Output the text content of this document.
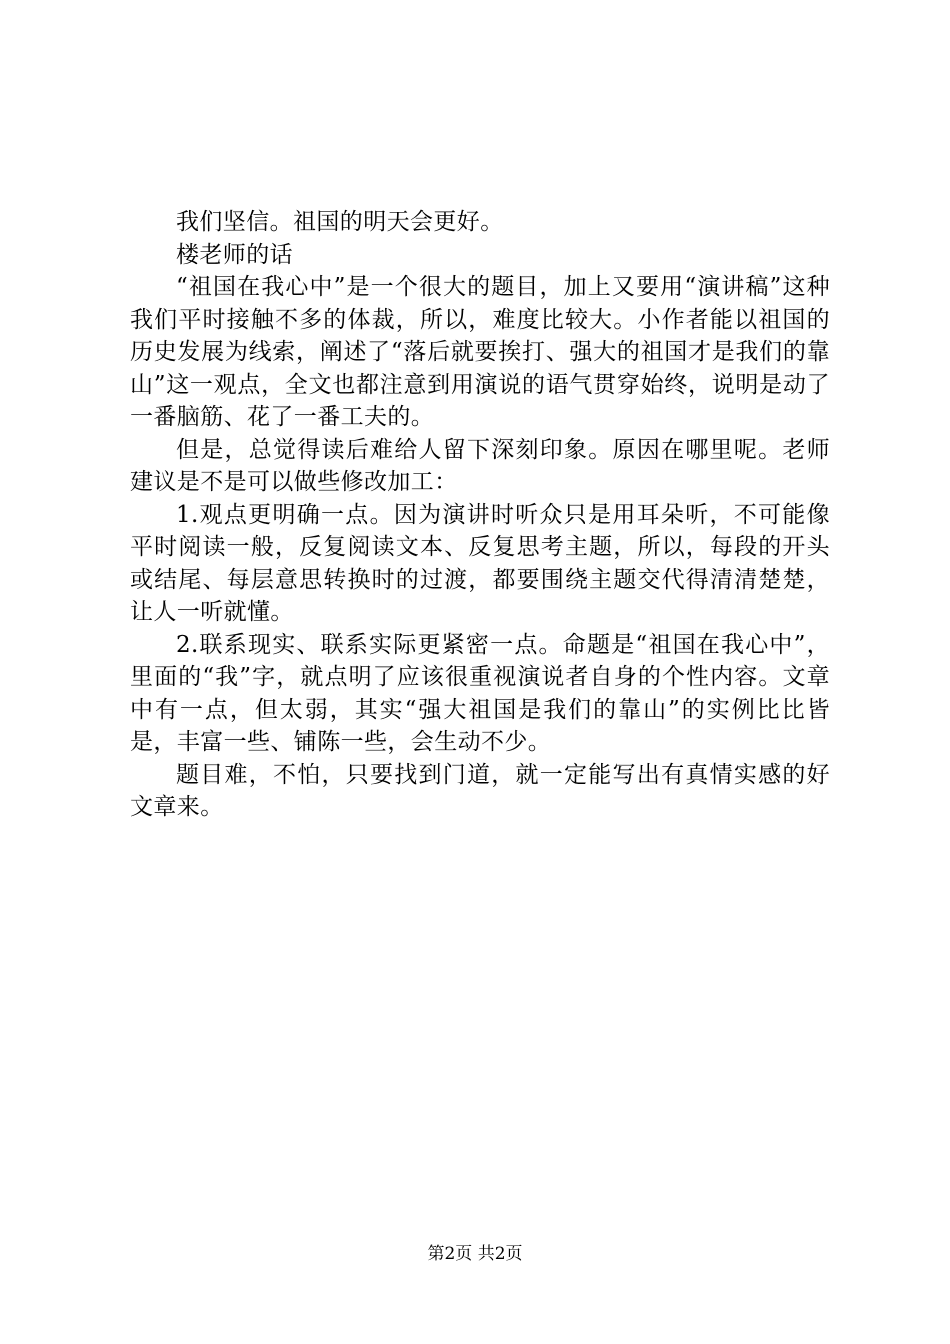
我们坚信。祖国的明天会更好。

楼老师的话

“祖国在我心中”是一个很大的题目，加上又要用“演讲稿”这种我们平时接触不多的体裁，所以，难度比较大。小作者能以祖国的历史发展为线索，阐述了“落后就要挨打、强大的祖国才是我们的靠山”这一观点，全文也都注意到用演说的语气贯穿始终，说明是动了一番脑筋、花了一番工夫的。

但是，总觉得读后难给人留下深刻印象。原因在哪里呢。老师建议是不是可以做些修改加工：

1.观点更明确一点。因为演讲时听众只是用耳朵听，不可能像平时阅读一般，反复阅读文本、反复思考主题，所以，每段的开头或结尾、每层意思转换时的过渡，都要围绕主题交代得清清楚楚，让人一听就懂。

2.联系现实、联系实际更紧密一点。命题是“祖国在我心中”，里面的“我”字，就点明了应该很重视演说者自身的个性内容。文章中有一点，但太弱，其实“强大祖国是我们的靠山”的实例比比皆是，丰富一些、铺陈一些，会生动不少。

题目难，不怕，只要找到门道，就一定能写出有真情实感的好文章来。

第2页 共2页
